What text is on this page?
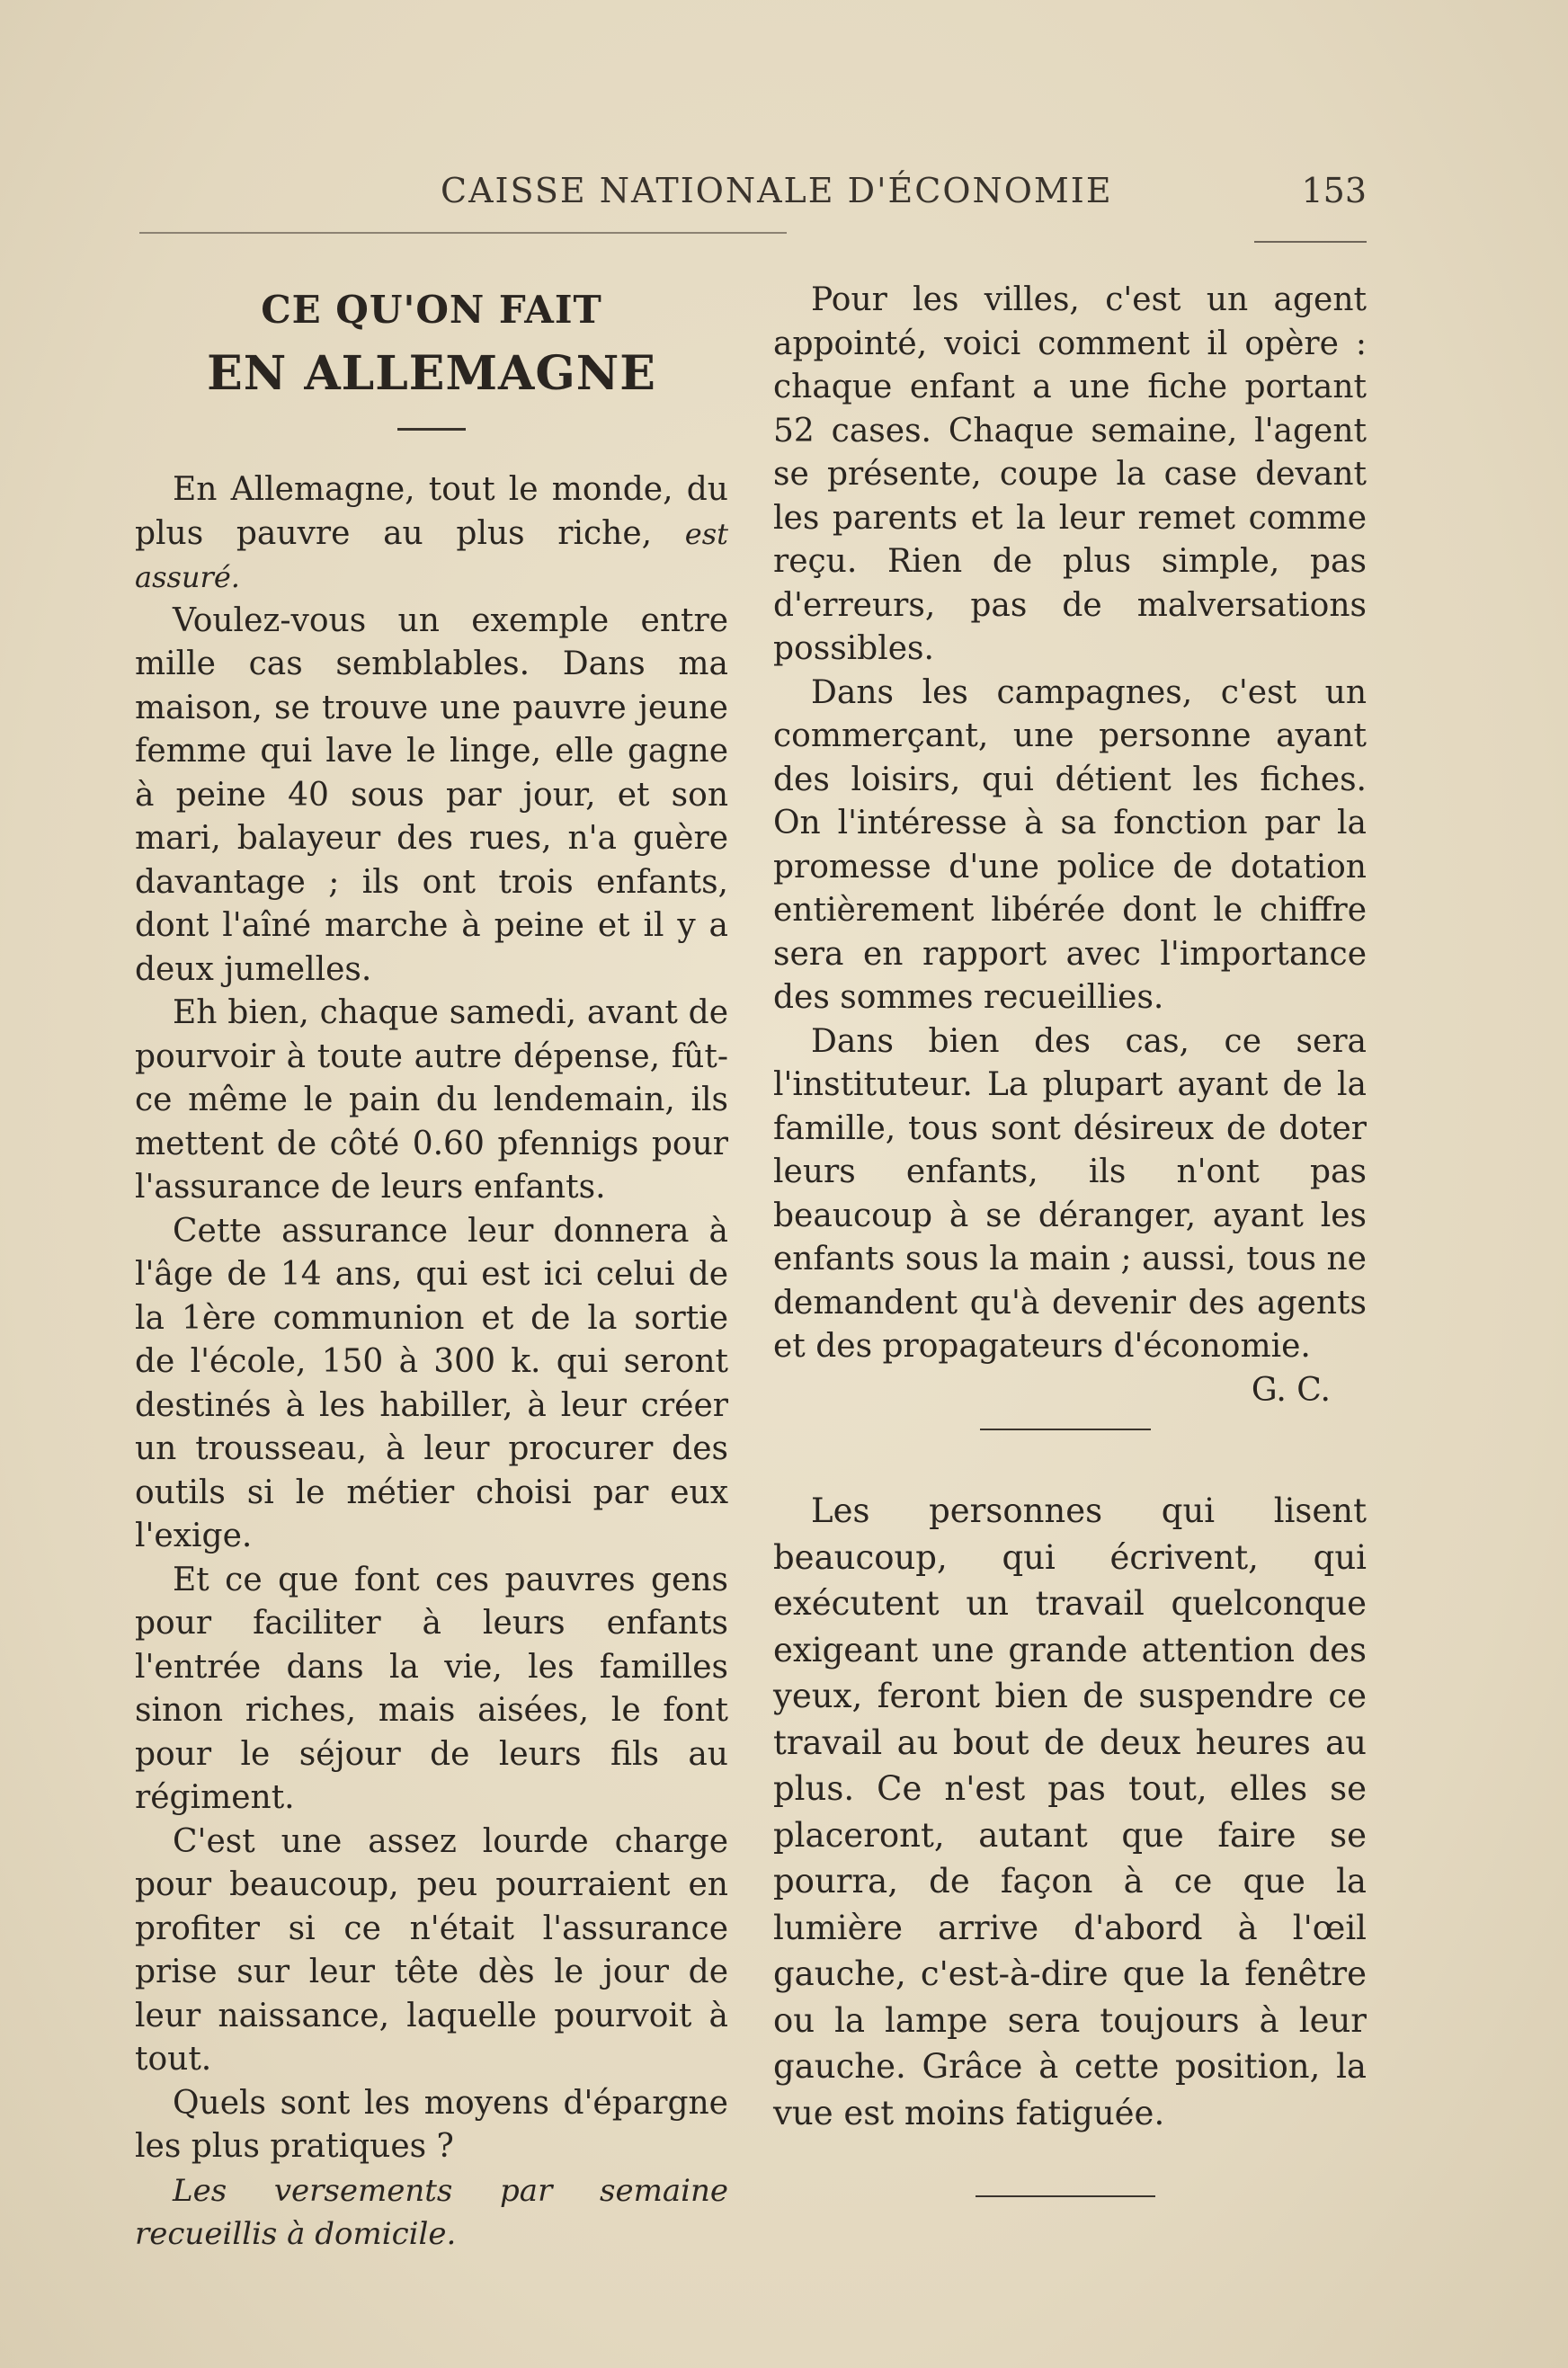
CAISSE NATIONALE D'ÉCONOMIE	153
CE QU'ON FAIT
EN ALLEMAGNE

En Allemagne, tout le monde, du plus pauvre au plus riche, est assuré.

Voulez-vous un exemple entre mille cas semblables. Dans ma maison, se trouve une pauvre jeune femme qui lave le linge, elle gagne à peine 40 sous par jour, et son mari, balayeur des rues, n'a guère davantage ; ils ont trois enfants, dont l'aîné marche à peine et il y a deux jumelles.

Eh bien, chaque samedi, avant de pourvoir à toute autre dépense, fût-ce même le pain du lendemain, ils mettent de côté 0.60 pfennigs pour l'assurance de leurs enfants.

Cette assurance leur donnera à l'âge de 14 ans, qui est ici celui de la 1ère communion et de la sortie de l'école, 150 à 300 k. qui seront destinés à les habiller, à leur créer un trousseau, à leur procurer des outils si le métier choisi par eux l'exige.

Et ce que font ces pauvres gens pour faciliter à leurs enfants l'entrée dans la vie, les familles sinon riches, mais aisées, le font pour le séjour de leurs fils au régiment.

C'est une assez lourde charge pour beaucoup, peu pourraient en profiter si ce n'était l'assurance prise sur leur tête dès le jour de leur naissance, laquelle pourvoit à tout.

Quels sont les moyens d'épargne les plus pratiques ?

Les versements par semaine recueillis à domicile.

Pour les villes, c'est un agent appointé, voici comment il opère : chaque enfant a une fiche portant 52 cases. Chaque semaine, l'agent se présente, coupe la case devant les parents et la leur remet comme reçu. Rien de plus simple, pas d'erreurs, pas de malversations possibles.

Dans les campagnes, c'est un commerçant, une personne ayant des loisirs, qui détient les fiches. On l'intéresse à sa fonction par la promesse d'une police de dotation entièrement libérée dont le chiffre sera en rapport avec l'importance des sommes recueillies.

Dans bien des cas, ce sera l'instituteur. La plupart ayant de la famille, tous sont désireux de doter leurs enfants, ils n'ont pas beaucoup à se déranger, ayant les enfants sous la main ; aussi, tous ne demandent qu'à devenir des agents et des propagateurs d'économie.

G. C.

Les personnes qui lisent beaucoup, qui écrivent, qui exécutent un travail quelconque exigeant une grande attention des yeux, feront bien de suspendre ce travail au bout de deux heures au plus. Ce n'est pas tout, elles se placeront, autant que faire se pourra, de façon à ce que la lumière arrive d'abord à l'œil gauche, c'est-à-dire que la fenêtre ou la lampe sera toujours à leur gauche. Grâce à cette position, la vue est moins fatiguée.
